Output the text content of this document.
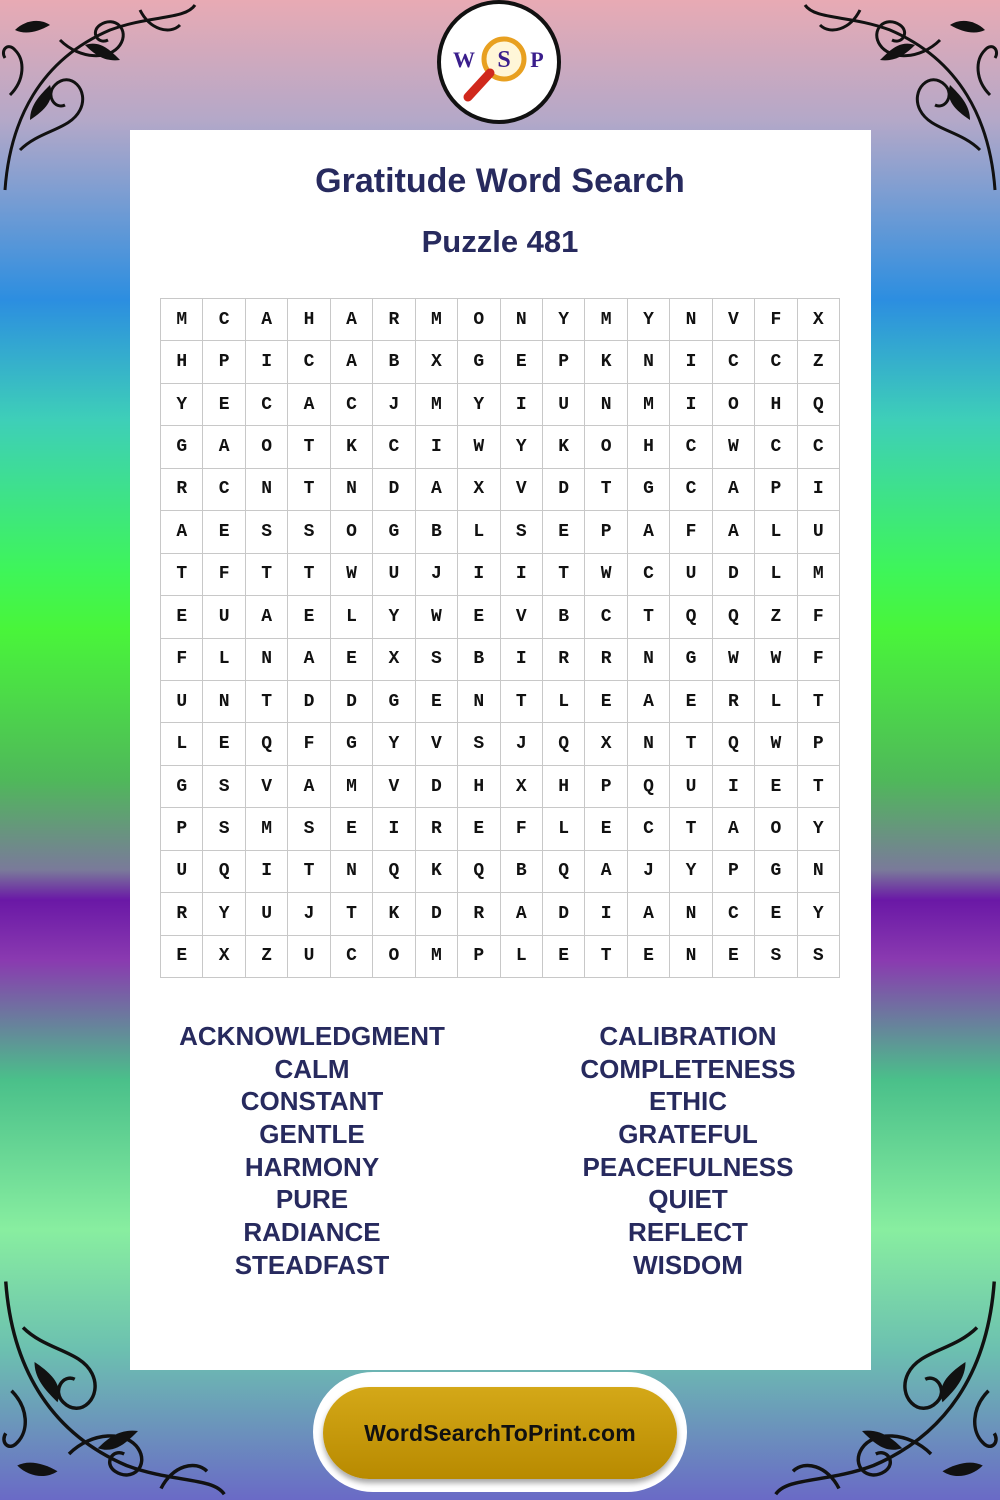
W S P
Gratitude Word Search
Puzzle 481
M	C	A	H	A	R	M	O	N	Y	M	Y	N	V	F	X
H	P	I	C	A	B	X	G	E	P	K	N	I	C	C	Z
Y	E	C	A	C	J	M	Y	I	U	N	M	I	O	H	Q
G	A	O	T	K	C	I	W	Y	K	O	H	C	W	C	C
R	C	N	T	N	D	A	X	V	D	T	G	C	A	P	I
A	E	S	S	O	G	B	L	S	E	P	A	F	A	L	U
T	F	T	T	W	U	J	I	I	T	W	C	U	D	L	M
E	U	A	E	L	Y	W	E	V	B	C	T	Q	Q	Z	F
F	L	N	A	E	X	S	B	I	R	R	N	G	W	W	F
U	N	T	D	D	G	E	N	T	L	E	A	E	R	L	T
L	E	Q	F	G	Y	V	S	J	Q	X	N	T	Q	W	P
G	S	V	A	M	V	D	H	X	H	P	Q	U	I	E	T
P	S	M	S	E	I	R	E	F	L	E	C	T	A	O	Y
U	Q	I	T	N	Q	K	Q	B	Q	A	J	Y	P	G	N
R	Y	U	J	T	K	D	R	A	D	I	A	N	C	E	Y
E	X	Z	U	C	O	M	P	L	E	T	E	N	E	S	S
ACKNOWLEDGMENT
CALM
CONSTANT
GENTLE
HARMONY
PURE
RADIANCE
STEADFAST
CALIBRATION
COMPLETENESS
ETHIC
GRATEFUL
PEACEFULNESS
QUIET
REFLECT
WISDOM
WordSearchToPrint.com
